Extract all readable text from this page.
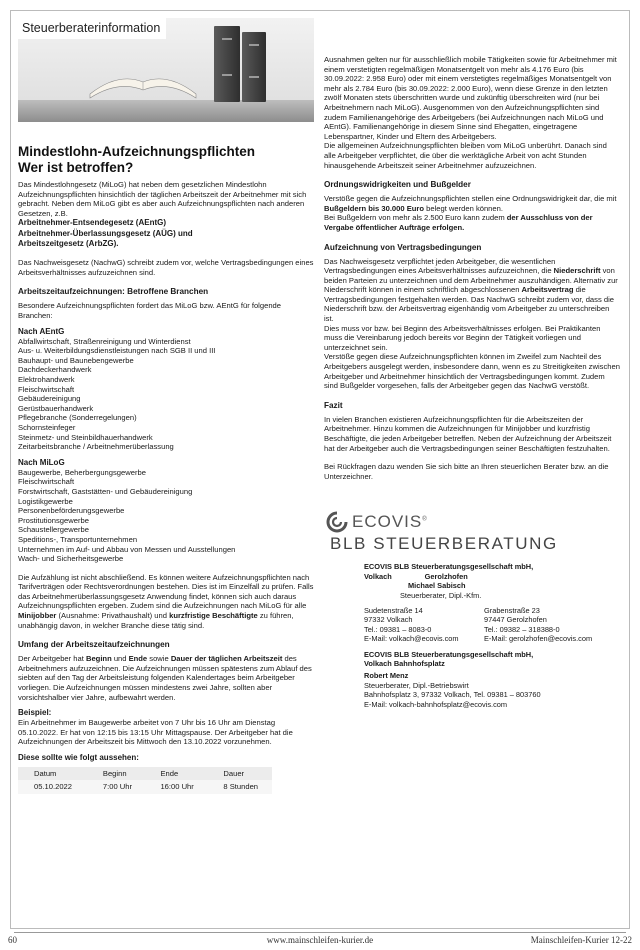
Steuerberaterinformation
Mindestlohn-Aufzeichnungspflichten
Wer ist betroffen?

Das Mindestlohngesetz (MiLoG) hat neben dem gesetzlichen Mindestlohn Aufzeichnungspflichten hinsichtlich der täglichen Arbeitszeit der Arbeitnehmer mit sich gebracht. Neben dem MiLoG gibt es aber auch Aufzeichnungspflichten nach anderen Gesetzen, z.B.

Arbeitnehmer-Entsendegesetz (AEntG)
Arbeitnehmer-Überlassungsgesetz (AÜG) und
Arbeitszeitgesetz (ArbZG).

Das Nachweisgesetz (NachwG) schreibt zudem vor, welche Vertragsbedingungen eines Arbeitsverhältnisses aufzuzeichnen sind.

Arbeitszeitaufzeichnungen: Betroffene Branchen

Besondere Aufzeichnungspflichten fordert das MiLoG bzw. AEntG für folgende Branchen:

Nach AEntG
Abfallwirtschaft, Straßenreinigung und Winterdienst
Aus- u. Weiterbildungsdienstleistungen nach SGB II und III
Bauhaupt- und Baunebengewerbe
Dachdeckerhandwerk
Elektrohandwerk
Fleischwirtschaft
Gebäudereinigung
Gerüstbauerhandwerk
Pflegebranche (Sonderregelungen)
Schornsteinfeger
Steinmetz- und Steinbildhauerhandwerk
Zeitarbeitsbranche / Arbeitnehmerüberlassung
Nach MiLoG
Baugewerbe, Beherbergungsgewerbe
Fleischwirtschaft
Forstwirtschaft, Gaststätten- und Gebäudereinigung
Logistikgewerbe
Personenbeförderungsgewerbe
Prostitutionsgewerbe
Schaustellergewerbe
Speditions-, Transportunternehmen
Unternehmen im Auf- und Abbau von Messen und Ausstellungen
Wach- und Sicherheitsgewerbe

Die Aufzählung ist nicht abschließend. Es können weitere Aufzeichnungspflichten nach Tarifverträgen oder Rechtsverordnungen bestehen. Dies ist im Einzelfall zu prüfen. Falls das Arbeitnehmerüberlassungsgesetz Anwendung findet, können sich auch daraus Aufzeichnungspflichten ergeben. Zudem sind die Aufzeichnungen nach MiLoG für alle Minijobber (Ausnahme: Privathaushalt) und kurzfristige Beschäftigte zu führen, unabhängig davon, in welcher Branche diese tätig sind.

Umfang der Arbeitszeitaufzeichnungen

Der Arbeitgeber hat Beginn und Ende sowie Dauer der täglichen Arbeitszeit des Arbeitnehmers aufzuzeichnen. Die Aufzeichnungen müssen spätestens zum Ablauf des siebten auf den Tag der Arbeitsleistung folgenden Kalendertages beim Arbeitgeber vorliegen. Die Aufzeichnungen müssen mindestens zwei Jahre, sollten aber vorsichtshalber vier Jahre, aufbewahrt werden.

Beispiel:

Ein Arbeitnehmer im Baugewerbe arbeitet von 7 Uhr bis 16 Uhr am Dienstag 05.10.2022. Er hat von 12:15 bis 13:15 Uhr Mittagspause. Der Arbeitgeber hat die Aufzeichnungen der Arbeitszeit bis Mittwoch den 13.10.2022 vorzunehmen.

Diese sollte wie folgt aussehen:
Datum	Beginn	Ende	Dauer
05.10.2022	7:00 Uhr	16:00 Uhr	8 Stunden

Ausnahmen gelten nur für ausschließlich mobile Tätigkeiten sowie für Arbeitnehmer mit einem verstetigten regelmäßigen Monatsentgelt von mehr als 4.176 Euro (bis 30.09.2022: 2.958 Euro) oder mit einem verstetigtes regelmäßiges Monatsentgelt von mehr als 2.784 Euro (bis 30.09.2022: 2.000 Euro), wenn diese Grenze in den letzten zwölf Monaten stets überschritten wurde und zukünftig überschreiten wird (nur bei Arbeitnehmern nach MiLoG). Ausgenommen von den Aufzeichnungspflichten sind zudem Familienangehörige des Arbeitgebers (bei Aufzeichnungen nach MiLoG und AEntG). Familienangehörige in diesem Sinne sind Ehegatten, eingetragene Lebenspartner, Kinder und Eltern des Arbeitgebers.

Die allgemeinen Aufzeichnungspflichten bleiben vom MiLoG unberührt. Danach sind alle Arbeitgeber verpflichtet, die über die werktägliche Arbeit von acht Stunden hinausgehende Arbeitszeit seiner Arbeitnehmer aufzuzeichnen.

Ordnungswidrigkeiten und Bußgelder

Verstöße gegen die Aufzeichnungspflichten stellen eine Ordnungswidrigkeit dar, die mit Bußgeldern bis 30.000 Euro belegt werden können.
Bei Bußgeldern von mehr als 2.500 Euro kann zudem der Ausschluss von der Vergabe öffentlicher Aufträge erfolgen.

Aufzeichnung von Vertragsbedingungen

Das Nachweisgesetz verpflichtet jeden Arbeitgeber, die wesentlichen Vertragsbedingungen eines Arbeitsverhältnisses aufzuzeichnen, die Niederschrift von beiden Parteien zu unterzeichnen und dem Arbeitnehmer auszuhändigen. Alternativ zur Niederschrift können in einem schriftlich abgeschlossenen Arbeitsvertrag die Vertragsbedingungen festgehalten werden. Das NachwG schreibt zudem vor, dass die Niederschrift bzw. der Arbeitsvertrag eigenhändig vom Arbeitgeber zu unterschreiben ist.

Dies muss vor bzw. bei Beginn des Arbeitsverhältnisses erfolgen. Bei Praktikanten muss die Vereinbarung jedoch bereits vor Beginn der Tätigkeit vorliegen und unterzeichnet sein.

Verstöße gegen diese Aufzeichnungspflichten können im Zweifel zum Nachteil des Arbeitgebers ausgelegt werden, insbesondere dann, wenn es zu Streitigkeiten zwischen Arbeitgeber und Arbeitnehmer hinsichtlich der Vertragsbedingungen kommt. Zudem sind Bußgelder vorgesehen, falls der Arbeitgeber gegen das NachwG verstößt.

Fazit

In vielen Branchen existieren Aufzeichnungspflichten für die Arbeitszeiten der Arbeitnehmer. Hinzu kommen die Aufzeichnungen für Minijobber und kurzfristig Beschäftigte, die jeden Arbeitgeber betreffen. Neben der Aufzeichnung der Arbeitszeit hat der Arbeitgeber auch die Vertragsbedingungen seiner Beschäftigten festzuhalten.

Bei Rückfragen dazu wenden Sie sich bitte an Ihren steuerlichen Berater bzw. an die Unterzeichner.

ECOVIS®
BLB STEUERBERATUNG

ECOVIS BLB Steuerberatungsgesellschaft mbH,

Volkach                Gerolzhofen

Michael Sabisch

Steuerberater, Dipl.-Kfm.

Sudetenstraße 14

97332 Volkach

Tel.: 09381 – 8083-0

E-Mail: volkach@ecovis.com

Grabenstraße 23

97447 Gerolzhofen

Tel.: 09382 – 318388-0

E-Mail: gerolzhofen@ecovis.com

ECOVIS BLB Steuerberatungsgesellschaft mbH,

Volkach Bahnhofsplatz

Robert Menz

Steuerberater, Dipl.-Betriebswirt

Bahnhofsplatz 3, 97332 Volkach, Tel. 09381 – 803760

E-Mail: volkach-bahnhofsplatz@ecovis.com

60	www.mainschleifen-kurier.de	Mainschleifen-Kurier 12-22
